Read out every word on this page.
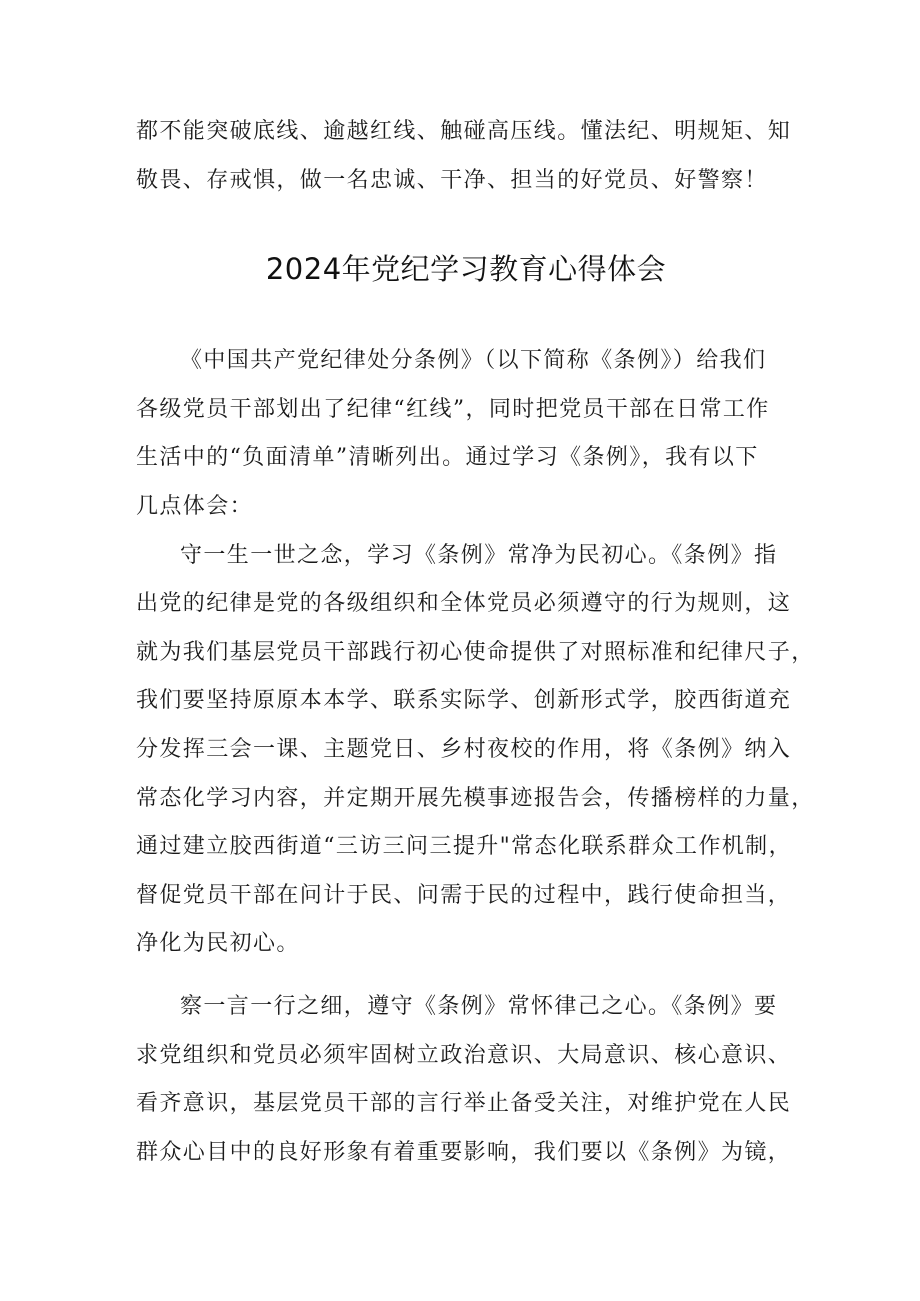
都不能突破底线、逾越红线、触碰高压线。懂法纪、明规矩、知
敬畏、存戒惧，做一名忠诚、干净、担当的好党员、好警察！
2024年党纪学习教育心得体会
《中国共产党纪律处分条例》（以下简称《条例》）给我们
各级党员干部划出了纪律“红线”，同时把党员干部在日常工作
生活中的“负面清单”清晰列出。通过学习《条例》，我有以下
几点体会：
守一生一世之念，学习《条例》常净为民初心。《条例》指
出党的纪律是党的各级组织和全体党员必须遵守的行为规则，这
就为我们基层党员干部践行初心使命提供了对照标准和纪律尺子，
我们要坚持原原本本学、联系实际学、创新形式学，胶西街道充
分发挥三会一课、主题党日、乡村夜校的作用，将《条例》纳入
常态化学习内容，并定期开展先模事迹报告会，传播榜样的力量，
通过建立胶西街道“三访三问三提升"常态化联系群众工作机制，
督促党员干部在问计于民、问需于民的过程中，践行使命担当，
净化为民初心。
察一言一行之细，遵守《条例》常怀律己之心。《条例》要
求党组织和党员必须牢固树立政治意识、大局意识、核心意识、
看齐意识，基层党员干部的言行举止备受关注，对维护党在人民
群众心目中的良好形象有着重要影响，我们要以《条例》为镜，
